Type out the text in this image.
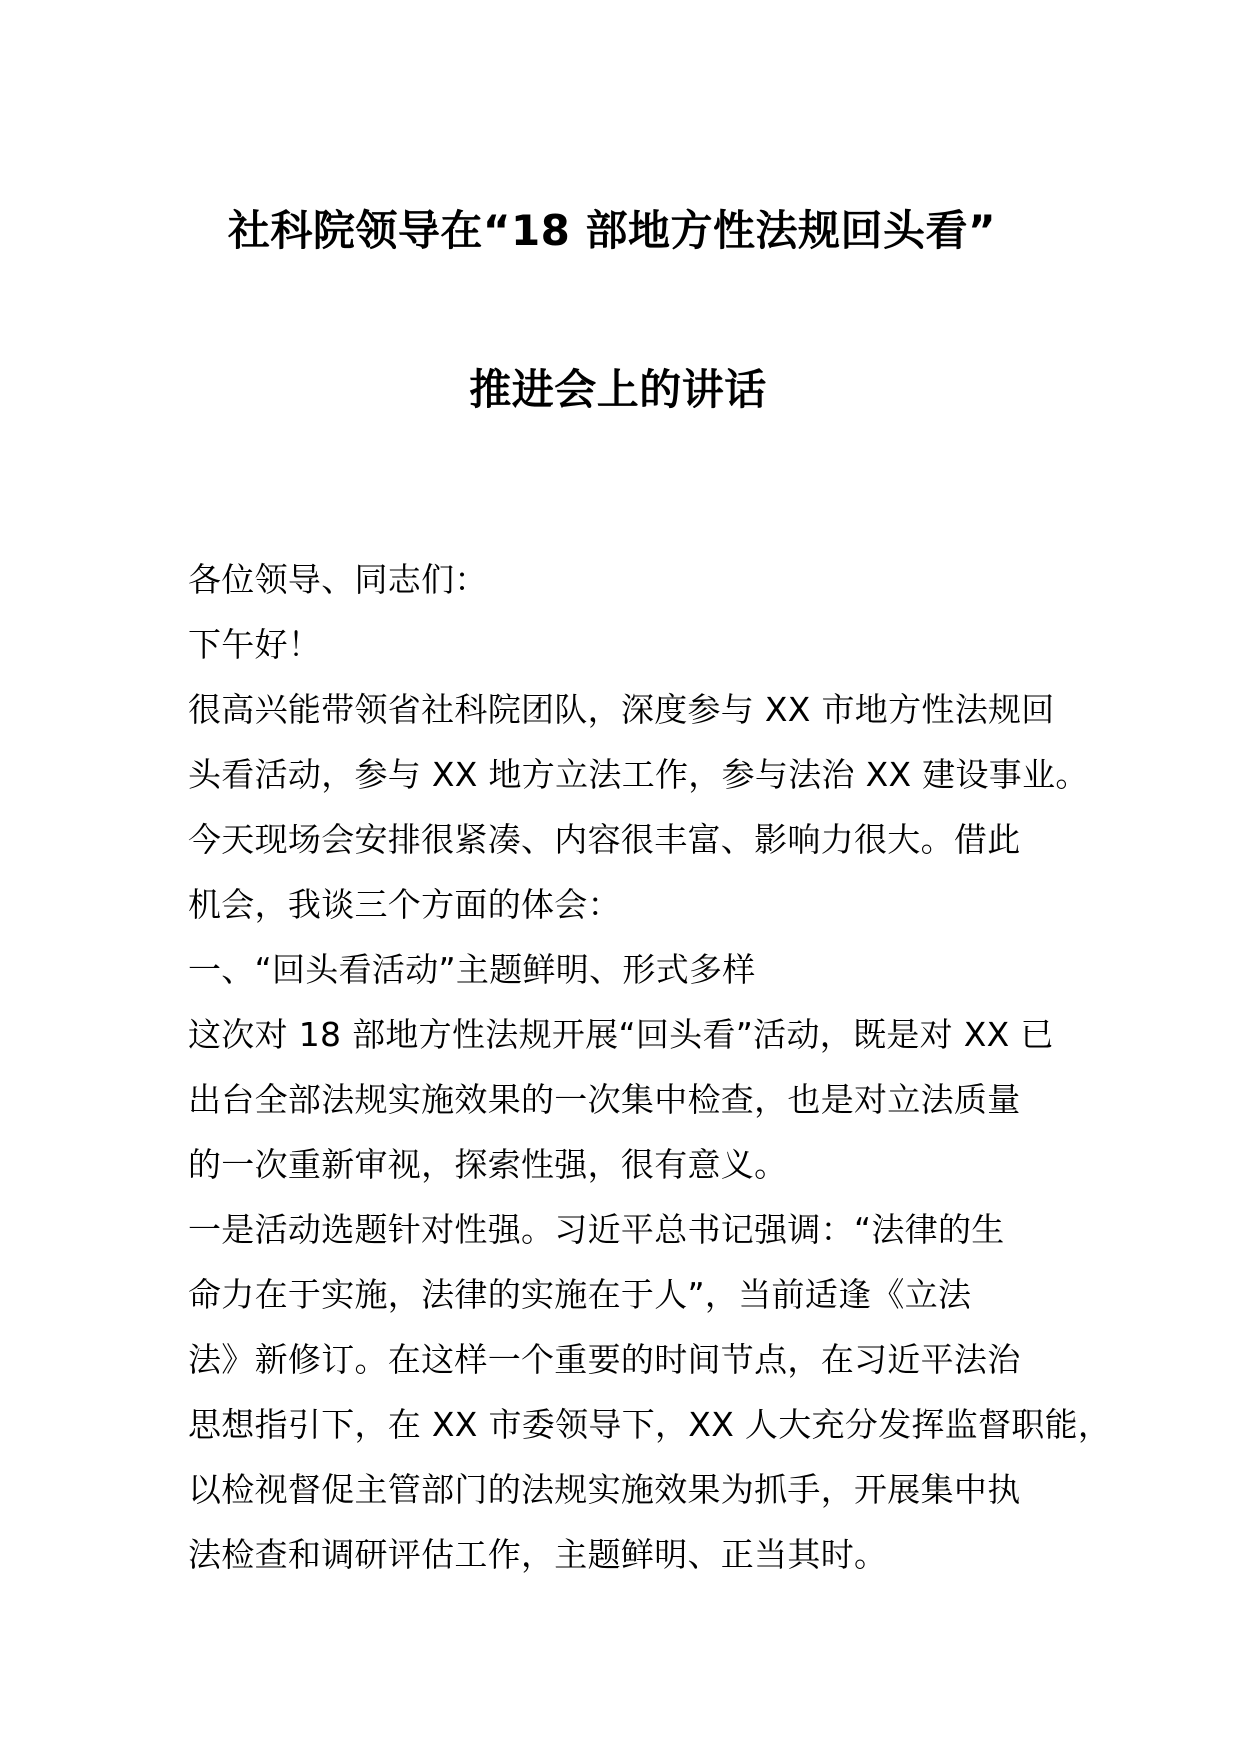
社科院领导在“18 部地方性法规回头看”
推进会上的讲话
各位领导、同志们：
下午好！
很高兴能带领省社科院团队，深度参与 XX 市地方性法规回
头看活动，参与 XX 地方立法工作，参与法治 XX 建设事业。
今天现场会安排很紧凑、内容很丰富、影响力很大。借此
机会，我谈三个方面的体会：
一、“回头看活动”主题鲜明、形式多样
这次对 18 部地方性法规开展“回头看”活动，既是对 XX 已
出台全部法规实施效果的一次集中检查，也是对立法质量
的一次重新审视，探索性强，很有意义。
一是活动选题针对性强。习近平总书记强调：“法律的生
命力在于实施，法律的实施在于人”，当前适逢《立法
法》新修订。在这样一个重要的时间节点，在习近平法治
思想指引下，在 XX 市委领导下，XX 人大充分发挥监督职能，
以检视督促主管部门的法规实施效果为抓手，开展集中执
法检查和调研评估工作，主题鲜明、正当其时。
